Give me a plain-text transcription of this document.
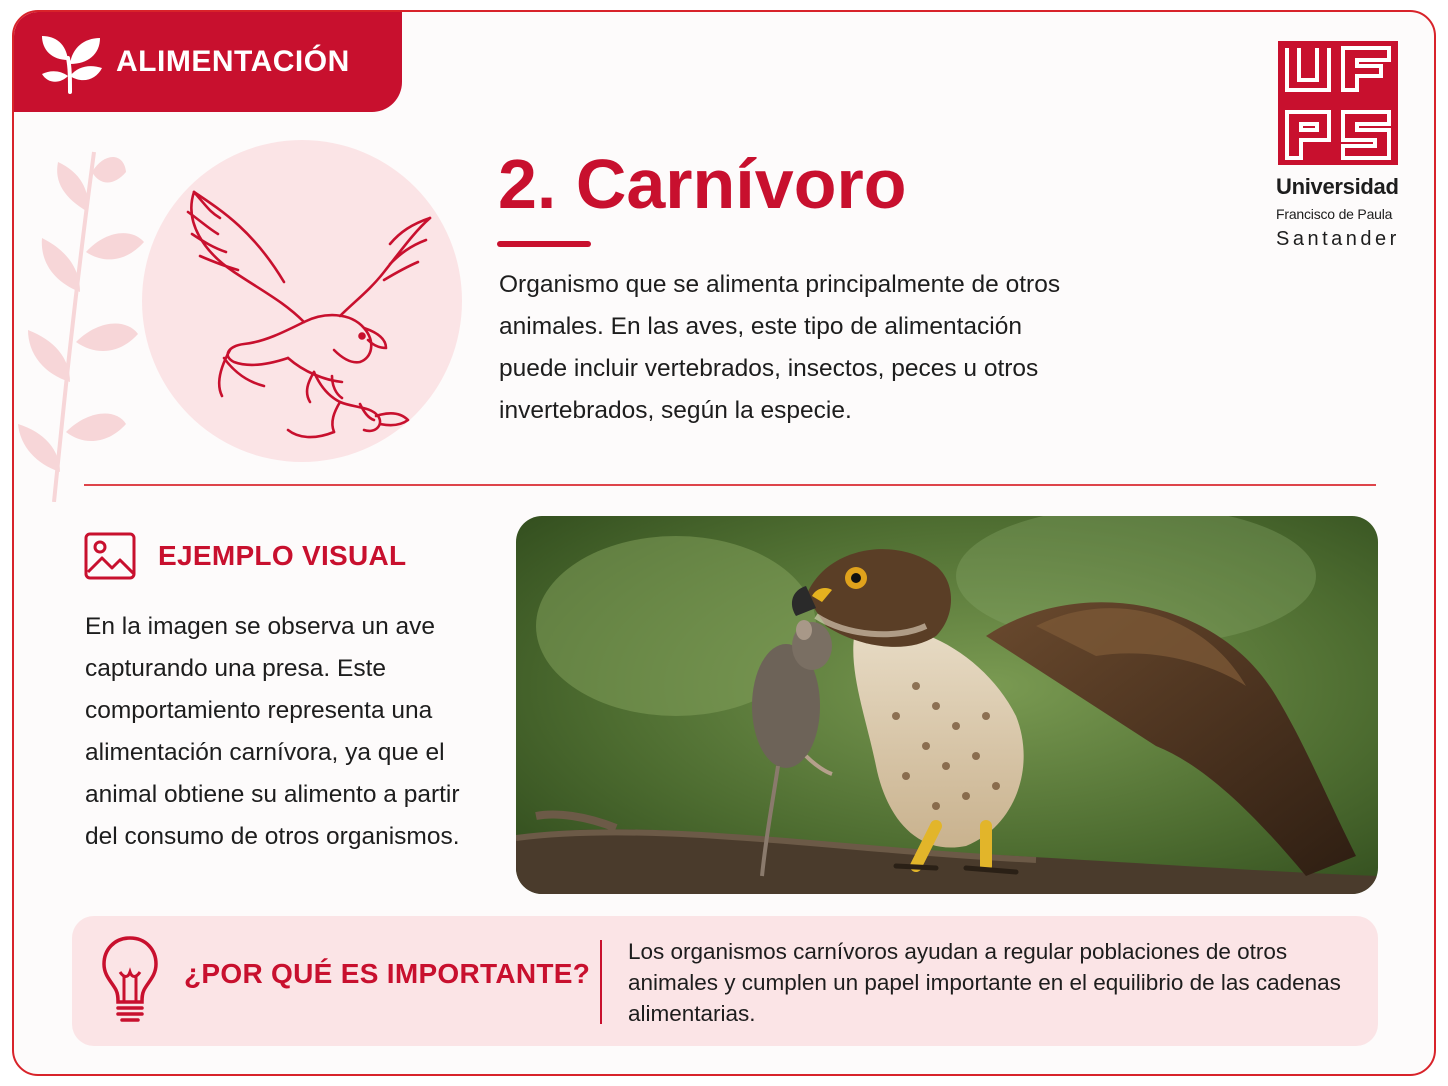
ALIMENTACIÓN
2. Carnívoro

Organismo que se alimenta principalmente de otros animales. En las aves, este tipo de alimentación puede incluir vertebrados, insectos, peces u otros invertebrados, según la especie.

Universidad
Francisco de Paula
Santander
EJEMPLO VISUAL

En la imagen se observa un ave capturando una presa. Este comportamiento representa una alimentación carnívora, ya que el animal obtiene su alimento a partir del consumo de otros organismos.

¿POR QUÉ ES IMPORTANTE?

Los organismos carnívoros ayudan a regular poblaciones de otros animales y cumplen un papel importante en el equilibrio de las cadenas alimentarias.
